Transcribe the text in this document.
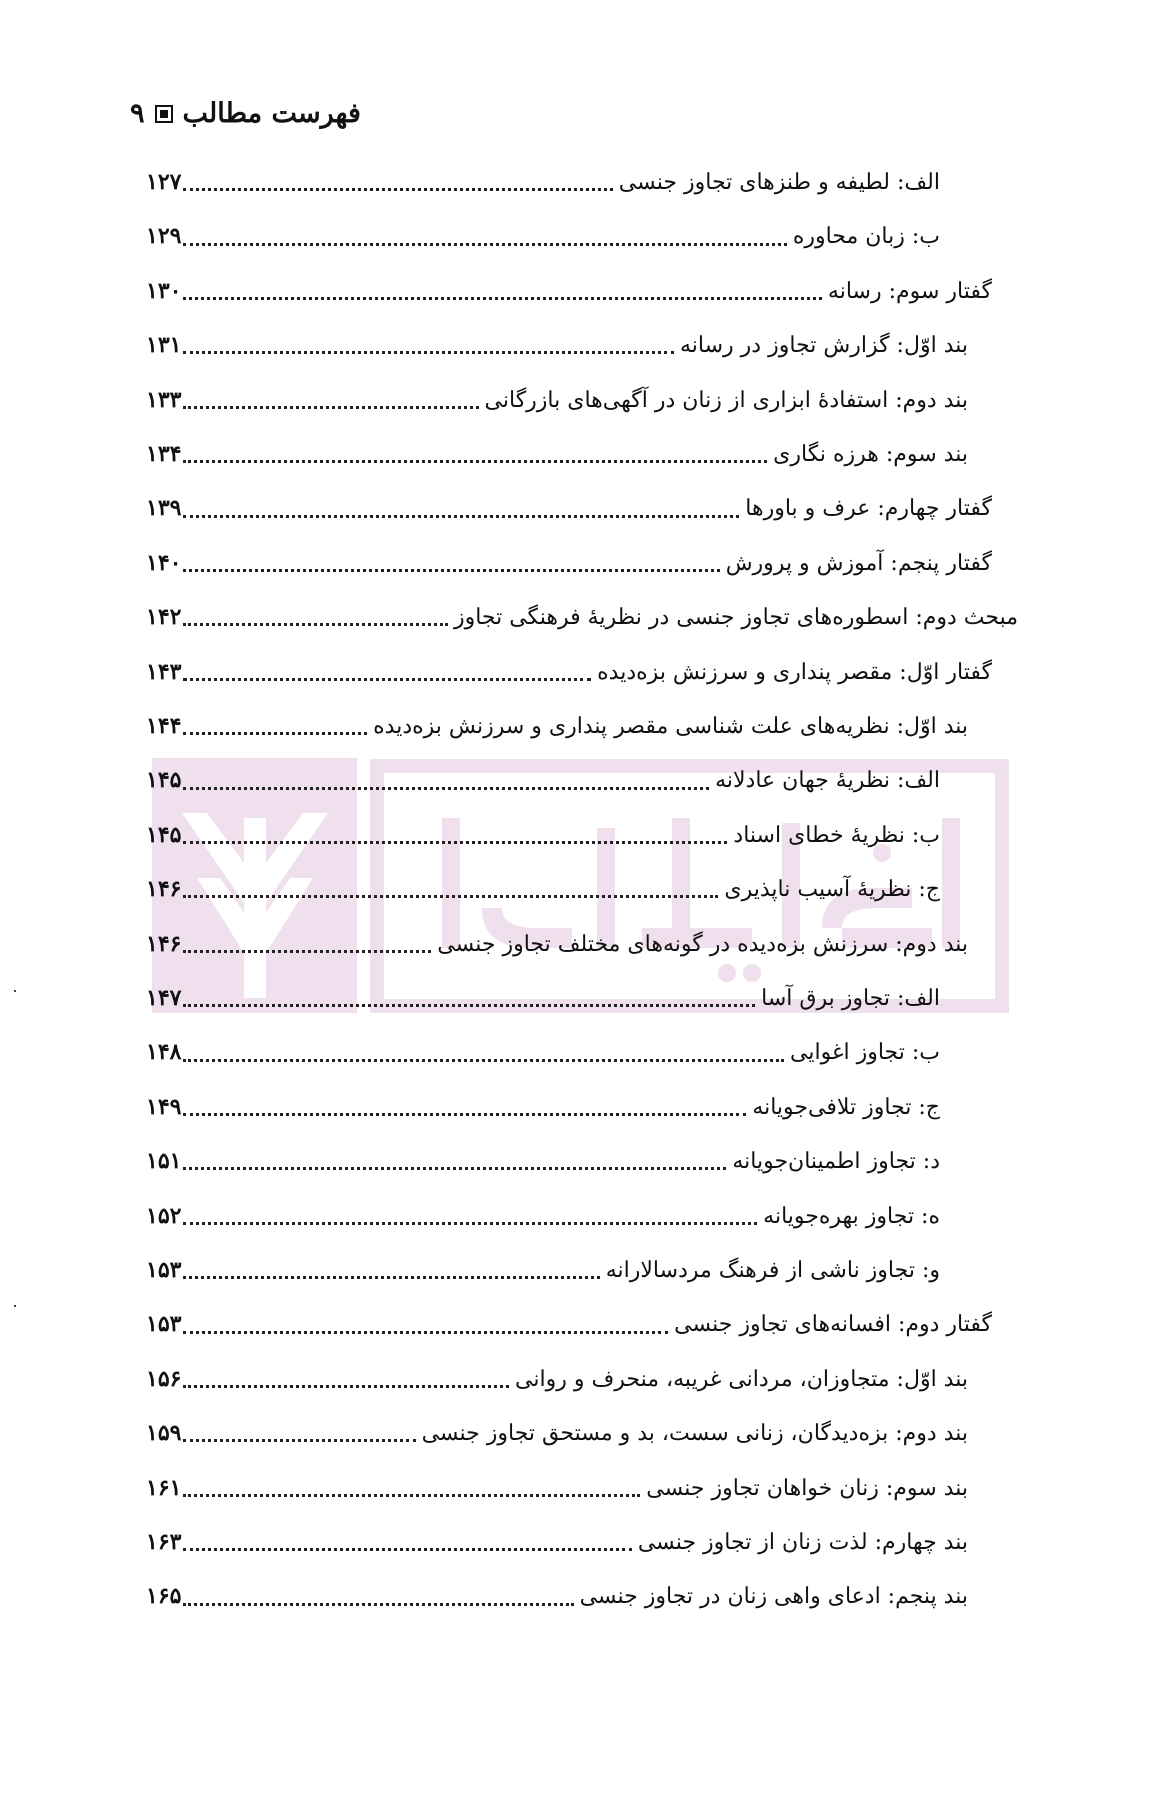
فهرست مطالب
۹
الف: لطیفه و طنزهای تجاوز جنسی
۱۲۷
ب: زبان محاوره
۱۲۹
گفتار سوم: رسانه
۱۳۰
بند اوّل: گزارش تجاوز در رسانه
۱۳۱
بند دوم: استفادهٔ ابزاری از زنان در آگهی‌های بازرگانی
۱۳۳
بند سوم: هرزه نگاری
۱۳۴
گفتار چهارم: عرف و باورها
۱۳۹
گفتار پنجم: آموزش و پرورش
۱۴۰
مبحث دوم: اسطوره‌های تجاوز جنسی در نظریهٔ فرهنگی تجاوز
۱۴۲
گفتار اوّل: مقصر پنداری و سرزنش بزه‌دیده
۱۴۳
بند اوّل: نظریه‌های علت شناسی مقصر پنداری و سرزنش بزه‌دیده
۱۴۴
الف: نظریهٔ جهان عادلانه
۱۴۵
ب: نظریهٔ خطای اسناد
۱۴۵
ج: نظریهٔ آسیب ناپذیری
۱۴۶
بند دوم: سرزنش بزه‌دیده در گونه‌های مختلف تجاوز جنسی
۱۴۶
الف: تجاوز برق آسا
۱۴۷
ب: تجاوز اغوایی
۱۴۸
ج: تجاوز تلافی‌جویانه
۱۴۹
د: تجاوز اطمینان‌جویانه
۱۵۱
ه: تجاوز بهره‌جویانه
۱۵۲
و: تجاوز ناشی از فرهنگ مردسالارانه
۱۵۳
گفتار دوم: افسانه‌های تجاوز جنسی
۱۵۳
بند اوّل: متجاوزان، مردانی غریبه، منحرف و روانی
۱۵۶
بند دوم: بزه‌دیدگان، زنانی سست، بد و مستحق تجاوز جنسی
۱۵۹
بند سوم: زنان خواهان تجاوز جنسی
۱۶۱
بند چهارم: لذت زنان از تجاوز جنسی
۱۶۳
بند پنجم: ادعای واهی زنان در تجاوز جنسی
۱۶۵
